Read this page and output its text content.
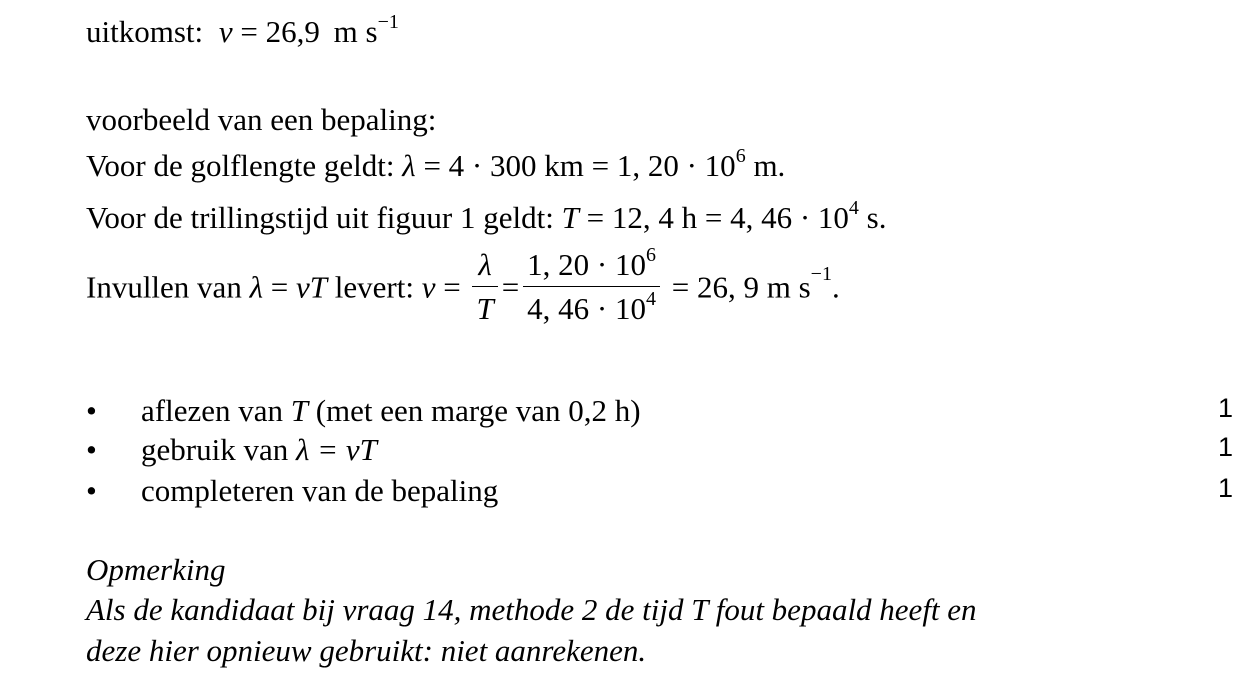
uitkomst: v = 26,9 m $s^{-1}$
voorbeeld van een bepaling:
Voor de golflengte geldt: λ = 4 · 300 km = 1, $20 \cdot 10^6$ m.
Voor de trillingstijd uit figuur 1 geldt: T = 12, 4 h = 4, $46 \cdot 10^4$ s.
Invullen van λ = vT levert: $v = \frac{\lambda}{T} = \frac{1, 20 \cdot 10^6}{4, 46 \cdot 10^4} = 26$, 9 m $s^{-1}$.
• aflezen van T (met een marge van 0,2 h)	1
• gebruik van λ = vT	1
• completeren van de bepaling	1
Opmerking
Als de kandidaat bij vraag 14, methode 2 de tijd T fout bepaald heeft en
deze hier opnieuw gebruikt: niet aanrekenen.
